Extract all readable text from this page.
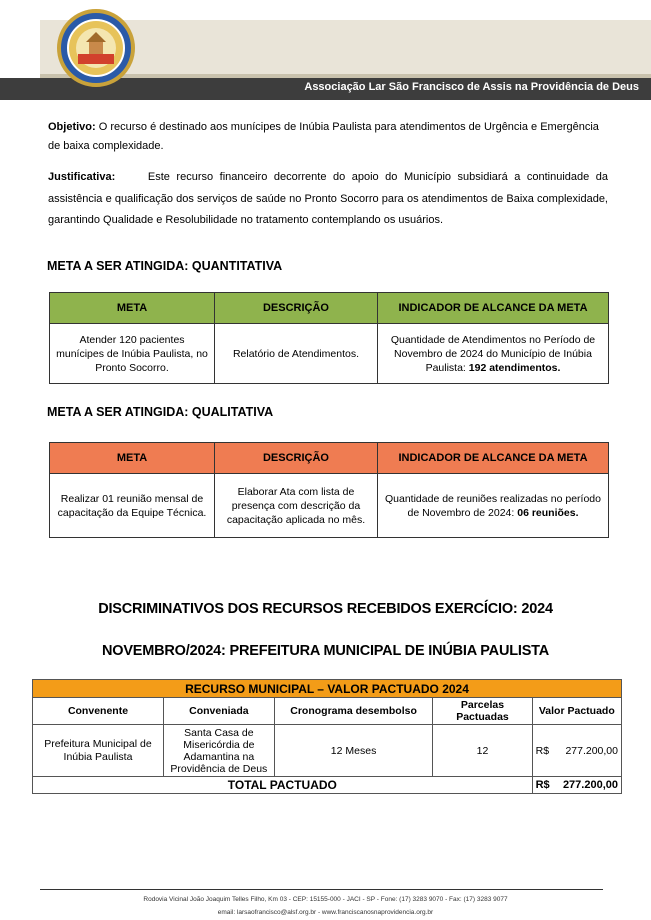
Associação Lar São Francisco de Assis na Providência de Deus
Objetivo: O recurso é destinado aos munícipes de Inúbia Paulista para atendimentos de Urgência e Emergência de baixa complexidade.
Justificativa:	Este recurso financeiro decorrente do apoio do Município subsidiará a continuidade da assistência e qualificação dos serviços de saúde no Pronto Socorro para os atendimentos de Baixa complexidade, garantindo Qualidade e Resolubilidade no tratamento contemplando os usuários.
META A SER ATINGIDA: QUANTITATIVA
META	DESCRIÇÃO	INDICADOR DE ALCANCE DA META
Atender 120 pacientes munícipes de Inúbia Paulista, no Pronto Socorro.	Relatório de Atendimentos.	Quantidade de Atendimentos no Período de Novembro de 2024 do Município de Inúbia Paulista: 192 atendimentos.
META A SER ATINGIDA: QUALITATIVA
META	DESCRIÇÃO	INDICADOR DE ALCANCE DA META
Realizar 01 reunião mensal de capacitação da Equipe Técnica.	Elaborar Ata com lista de presença com descrição da capacitação aplicada no mês.	Quantidade de reuniões realizadas no período de Novembro de 2024: 06 reuniões.
DISCRIMINATIVOS DOS RECURSOS RECEBIDOS EXERCÍCIO: 2024
NOVEMBRO/2024: PREFEITURA MUNICIPAL DE INÚBIA PAULISTA
RECURSO MUNICIPAL – VALOR PACTUADO 2024					
Convenente	Conveniada	Cronograma desembolso	Parcelas Pactuadas	Valor Pactuado	
Prefeitura Municipal de Inúbia Paulista	Santa Casa de Misericórdia de Adamantina na Providência de Deus	12 Meses	12	R$	277.200,00
TOTAL PACTUADO				R$	277.200,00
Rodovia Vicinal João Joaquim Telles Filho, Km 03 - CEP: 15155-000 - JACI - SP - Fone: (17) 3283 9070 - Fax: (17) 3283 9077
email: larsaofrancisco@alsf.org.br - www.franciscanosnaprovidencia.org.br
